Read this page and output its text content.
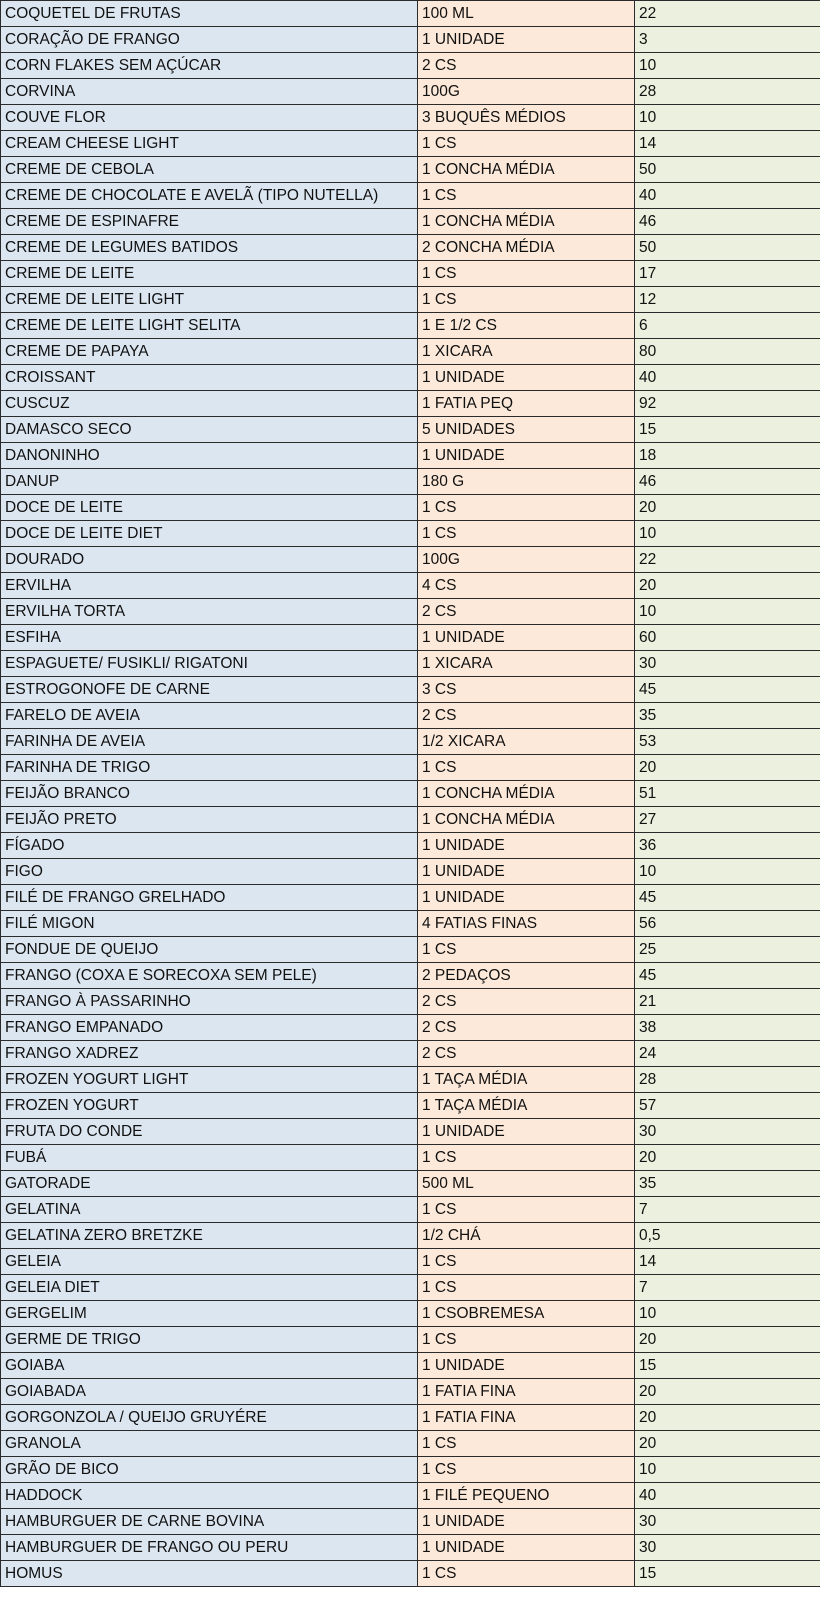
COQUETEL DE FRUTAS	100 ML	22
CORAÇÃO DE FRANGO	1 UNIDADE	3
CORN FLAKES SEM AÇÚCAR	2 CS	10
CORVINA	100G	28
COUVE FLOR	3 BUQUÊS MÉDIOS	10
CREAM CHEESE LIGHT	1 CS	14
CREME DE CEBOLA	1 CONCHA MÉDIA	50
CREME DE CHOCOLATE E AVELÃ (TIPO NUTELLA)	1 CS	40
CREME DE ESPINAFRE	1 CONCHA MÉDIA	46
CREME DE LEGUMES BATIDOS	2 CONCHA MÉDIA	50
CREME DE LEITE	1 CS	17
CREME DE LEITE LIGHT	1 CS	12
CREME DE LEITE LIGHT SELITA	1 E 1/2 CS	6
CREME DE PAPAYA	1 XICARA	80
CROISSANT	1 UNIDADE	40
CUSCUZ	1 FATIA PEQ	92
DAMASCO SECO	5 UNIDADES	15
DANONINHO	1 UNIDADE	18
DANUP	180 G	46
DOCE DE LEITE	1 CS	20
DOCE DE LEITE DIET	1 CS	10
DOURADO	100G	22
ERVILHA	4 CS	20
ERVILHA TORTA	2 CS	10
ESFIHA	1 UNIDADE	60
ESPAGUETE/ FUSIKLI/ RIGATONI	1 XICARA	30
ESTROGONOFE DE CARNE	3 CS	45
FARELO DE AVEIA	2 CS	35
FARINHA DE AVEIA	1/2 XICARA	53
FARINHA DE TRIGO	1 CS	20
FEIJÃO BRANCO	1 CONCHA MÉDIA	51
FEIJÃO PRETO	1 CONCHA MÉDIA	27
FÍGADO	1 UNIDADE	36
FIGO	1 UNIDADE	10
FILÉ DE FRANGO GRELHADO	1 UNIDADE	45
FILÉ MIGON	4 FATIAS FINAS	56
FONDUE DE QUEIJO	1 CS	25
FRANGO (COXA E SORECOXA SEM PELE)	2 PEDAÇOS	45
FRANGO À PASSARINHO	2 CS	21
FRANGO EMPANADO	2 CS	38
FRANGO XADREZ	2 CS	24
FROZEN YOGURT LIGHT	1 TAÇA MÉDIA	28
FROZEN YOGURT	1 TAÇA MÉDIA	57
FRUTA DO CONDE	1 UNIDADE	30
FUBÁ	1 CS	20
GATORADE	500 ML	35
GELATINA	1 CS	7
GELATINA ZERO BRETZKE	1/2 CHÁ	0,5
GELEIA	1 CS	14
GELEIA DIET	1 CS	7
GERGELIM	1 CSOBREMESA	10
GERME DE TRIGO	1 CS	20
GOIABA	1 UNIDADE	15
GOIABADA	1 FATIA FINA	20
GORGONZOLA / QUEIJO GRUYÉRE	1 FATIA FINA	20
GRANOLA	1 CS	20
GRÃO DE BICO	1 CS	10
HADDOCK	1 FILÉ PEQUENO	40
HAMBURGUER DE CARNE BOVINA	1 UNIDADE	30
HAMBURGUER DE FRANGO OU PERU	1 UNIDADE	30
HOMUS	1 CS	15
